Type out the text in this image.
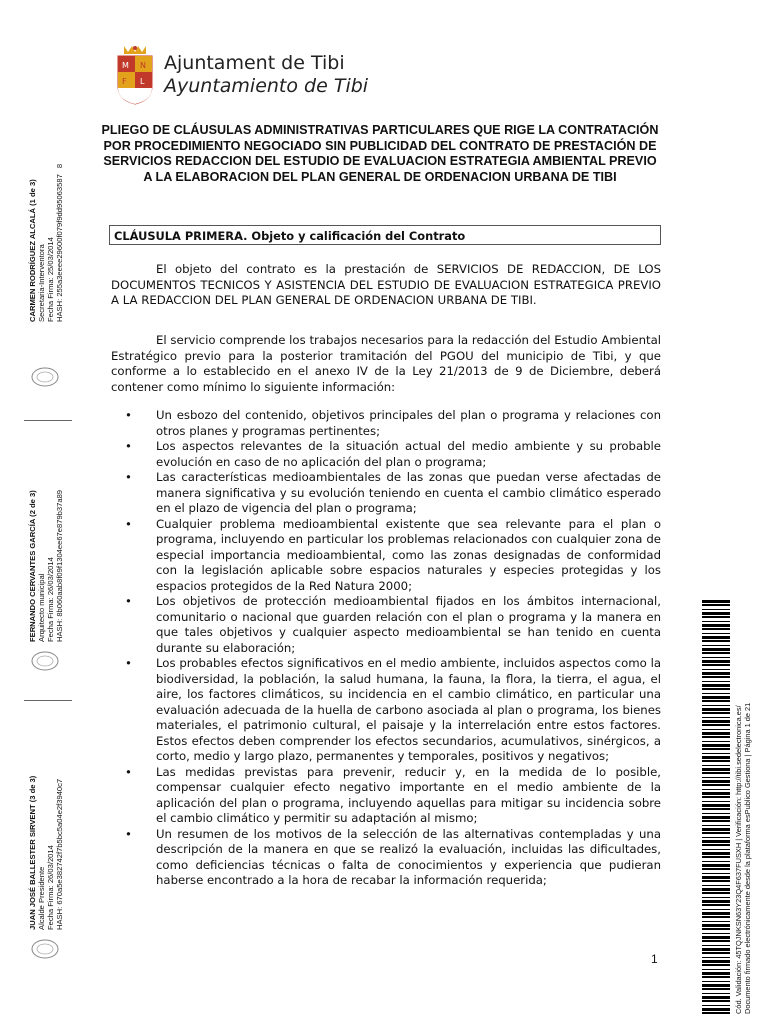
M N
F L
Ajuntament de Tibi
Ayuntamiento de Tibi
PLIEGO DE CLÁUSULAS ADMINISTRATIVAS PARTICULARES QUE RIGE LA CONTRATACIÓN POR PROCEDIMIENTO NEGOCIADO SIN PUBLICIDAD DEL CONTRATO DE PRESTACIÓN DE SERVICIOS REDACCION DEL ESTUDIO DE EVALUACION ESTRATEGIA AMBIENTAL PREVIO A LA ELABORACION DEL PLAN GENERAL DE ORDENACION URBANA DE TIBI
CLÁUSULA PRIMERA. Objeto y calificación del Contrato
El objeto del contrato es la prestación de SERVICIOS DE REDACCION, DE LOS DOCUMENTOS TECNICOS Y ASISTENCIA DEL ESTUDIO DE EVALUACION ESTRATEGICA PREVIO A LA REDACCION DEL PLAN GENERAL DE ORDENACION URBANA DE TIBI.
El servicio comprende los trabajos necesarios para la redacción del Estudio Ambiental Estratégico previo para la posterior tramitación del PGOU del municipio de Tibi, y que conforme a lo establecido en el anexo IV de la Ley 21/2013 de 9 de Diciembre, deberá contener como mínimo lo siguiente información:
• Un esbozo del contenido, objetivos principales del plan o programa y relaciones con otros planes y programas pertinentes;
• Los aspectos relevantes de la situación actual del medio ambiente y su probable evolución en caso de no aplicación del plan o programa;
• Las características medioambientales de las zonas que puedan verse afectadas de manera significativa y su evolución teniendo en cuenta el cambio climático esperado en el plazo de vigencia del plan o programa;
• Cualquier problema medioambiental existente que sea relevante para el plan o programa, incluyendo en particular los problemas relacionados con cualquier zona de especial importancia medioambiental, como las zonas designadas de conformidad con la legislación aplicable sobre espacios naturales y especies protegidas y los espacios protegidos de la Red Natura 2000;
• Los objetivos de protección medioambiental fijados en los ámbitos internacional, comunitario o nacional que guarden relación con el plan o programa y la manera en que tales objetivos y cualquier aspecto medioambiental se han tenido en cuenta durante su elaboración;
• Los probables efectos significativos en el medio ambiente, incluidos aspectos como la biodiversidad, la población, la salud humana, la fauna, la flora, la tierra, el agua, el aire, los factores climáticos, su incidencia en el cambio climático, en particular una evaluación adecuada de la huella de carbono asociada al plan o programa, los bienes materiales, el patrimonio cultural, el paisaje y la interrelación entre estos factores. Estos efectos deben comprender los efectos secundarios, acumulativos, sinérgicos, a corto, medio y largo plazo, permanentes y temporales, positivos y negativos;
• Las medidas previstas para prevenir, reducir y, en la medida de lo posible, compensar cualquier efecto negativo importante en el medio ambiente de la aplicación del plan o programa, incluyendo aquellas para mitigar su incidencia sobre el cambio climático y permitir su adaptación al mismo;
• Un resumen de los motivos de la selección de las alternativas contempladas y una descripción de la manera en que se realizó la evaluación, incluidas las dificultades, como deficiencias técnicas o falta de conocimientos y experiencia que pudieran haberse encontrado a la hora de recabar la información requerida;
1
CARMEN RODRÍGUEZ ALCALÁ (1 de 3) Secretaria-Interventora Fecha Firma: 25/03/2014 HASH: 255a3eeee29600f079f9dd950635878
FERNANDO CERVANTES GARCÍA (2 de 3) Arquitecto municipal Fecha Firma: 26/03/2014 HASH: 8b060aab8f09f1304ee67e879b37a89
JUAN JOSÉ BALLESTER SIRVENT (3 de 3) Alcalde Presidente Fecha Firma: 26/03/2014 HASH: 670a5e382742f7b5bc5a04e2f3940c7	Cód. Validación: 45TQJNKSN63Y23Q4F637FUSXH | Verificación: http://tibi.sedelectronica.es/ Documento firmado electrónicamente desde la plataforma esPublico Gestiona | Página 1 de 21
